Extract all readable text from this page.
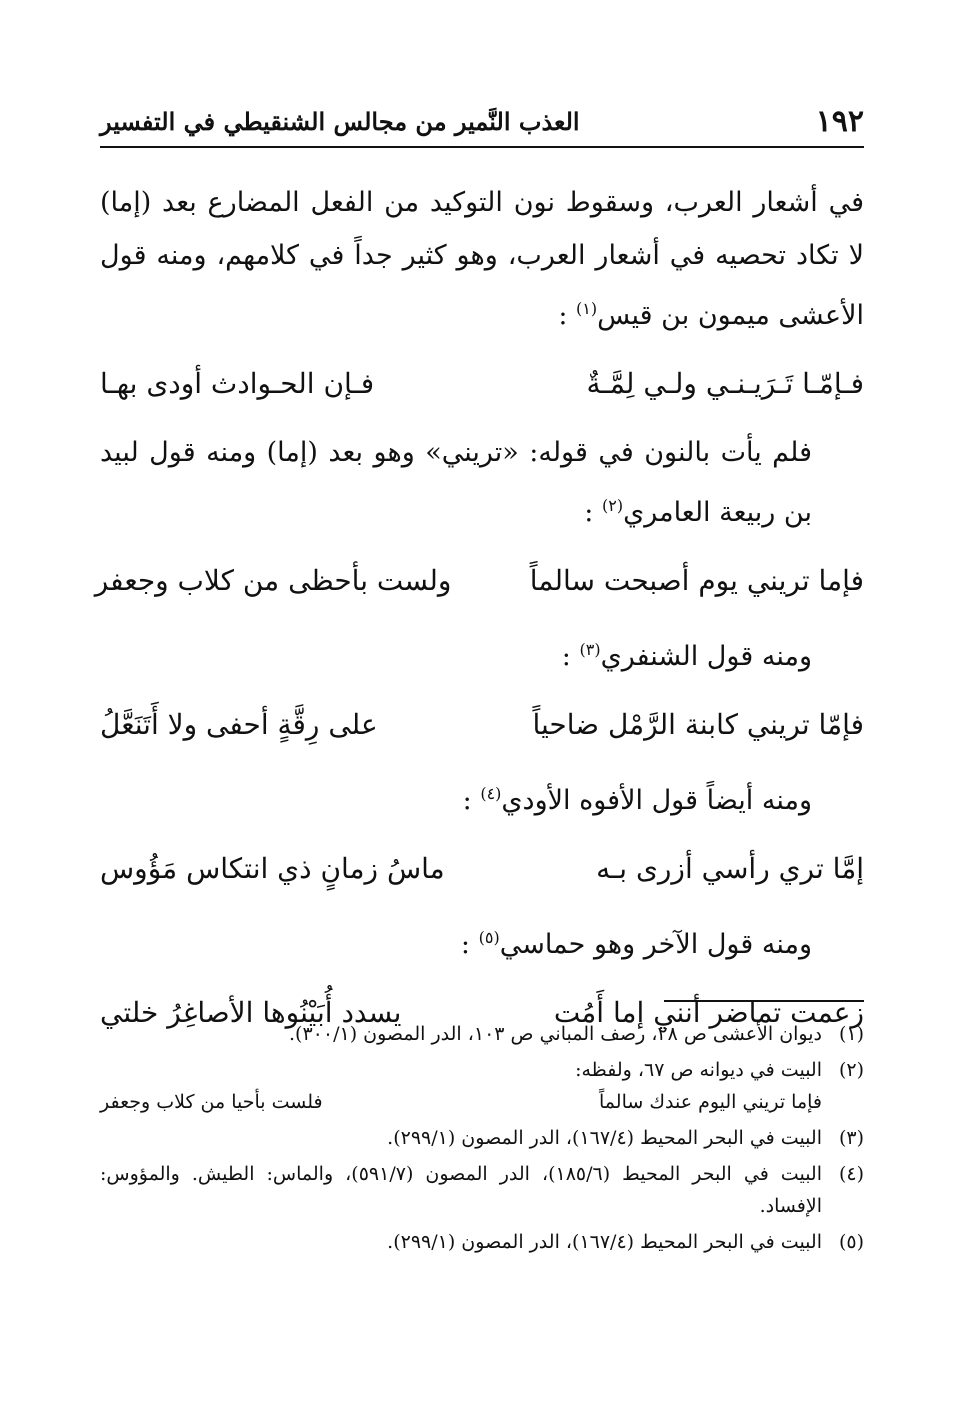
١٩٢
العذب النَّمير من مجالس الشنقيطي في التفسير

في أشعار العرب، وسقوط نون التوكيد من الفعل المضارع بعد (إما) لا تكاد تحصيه في أشعار العرب، وهو كثير جداً في كلامهم، ومنه قول الأعشى ميمون بن قيس$^{(١)}$ :

فـإمّـا تَـرَيـنـي ولـي لِمَّـةٌ
فـإن الحـوادث أودى بهـا

فلم يأت بالنون في قوله: «تريني» وهو بعد (إما) ومنه قول لبيد بن ربيعة العامري$^{(٢)}$ :

فإما تريني يوم أصبحت سالماً
ولست بأحظى من كلاب وجعفر

ومنه قول الشنفري$^{(٣)}$ :

فإمّا تريني كابنة الرَّمْل ضاحياً
على رِقَّةٍ أحفى ولا أَتَنَعَّلُ

ومنه أيضاً قول الأفوه الأودي$^{(٤)}$ :

إمَّا تري رأسي أزرى بـه
ماسُ زمانٍ ذي انتكاس مَؤُوس

ومنه قول الآخر وهو حماسي$^{(٥)}$ :

زعمت تماضر أنني إما أَمُت
يسدد أُبَيْنُوها الأصاغِرُ خلتي
(١)
ديوان الأعشى ص ٢٨، رصف المباني ص ١٠٣، الدر المصون (٣٠٠/١).
(٢)
البيت في ديوانه ص ٦٧، ولفظه:
فإما تريني اليوم عندك سالماً
فلست بأحيا من كلاب وجعفر
(٣)
البيت في البحر المحيط (١٦٧/٤)، الدر المصون (٢٩٩/١).
(٤)
البيت في البحر المحيط (١٨٥/٦)، الدر المصون (٥٩١/٧)، والماس: الطيش. والمؤوس: الإفساد.
(٥)
البيت في البحر المحيط (١٦٧/٤)، الدر المصون (٢٩٩/١).
